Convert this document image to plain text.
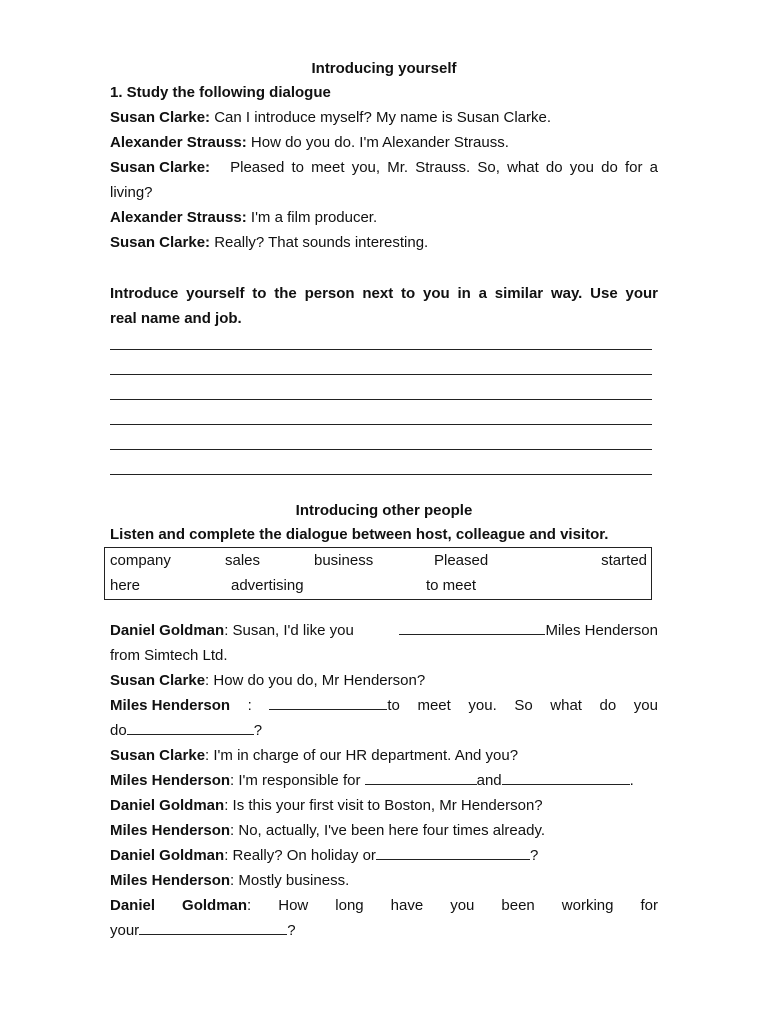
Introducing yourself
1. Study the following dialogue
Susan Clarke: Can I introduce myself? My name is Susan Clarke.
Alexander Strauss: How do you do. I'm Alexander Strauss.
Susan Clarke: Pleased to meet you, Mr. Strauss. So, what do you do for a
living?
Alexander Strauss: I'm a film producer.
Susan Clarke: Really? That sounds interesting.
Introduce yourself to the person next to you in a similar way. Use your
real name and job.
Introducing other people
Listen and complete the dialogue between host, colleague and visitor.
company	sales	business	Pleased	started
here	advertising	to meet
Daniel Goldman: Susan, I'd like you	Miles Henderson
from Simtech Ltd.
Susan Clarke: How do you do, Mr Henderson?
Miles Henderson :	to meet you. So what do you
do	?
Susan Clarke: I'm in charge of our HR department. And you?
Miles Henderson: I'm responsible for	and	.
Daniel Goldman: Is this your first visit to Boston, Mr Henderson?
Miles Henderson: No, actually, I've been here four times already.
Daniel Goldman: Really? On holiday or	?
Miles Henderson: Mostly business.
Daniel Goldman : How long have you been working for
your	?
